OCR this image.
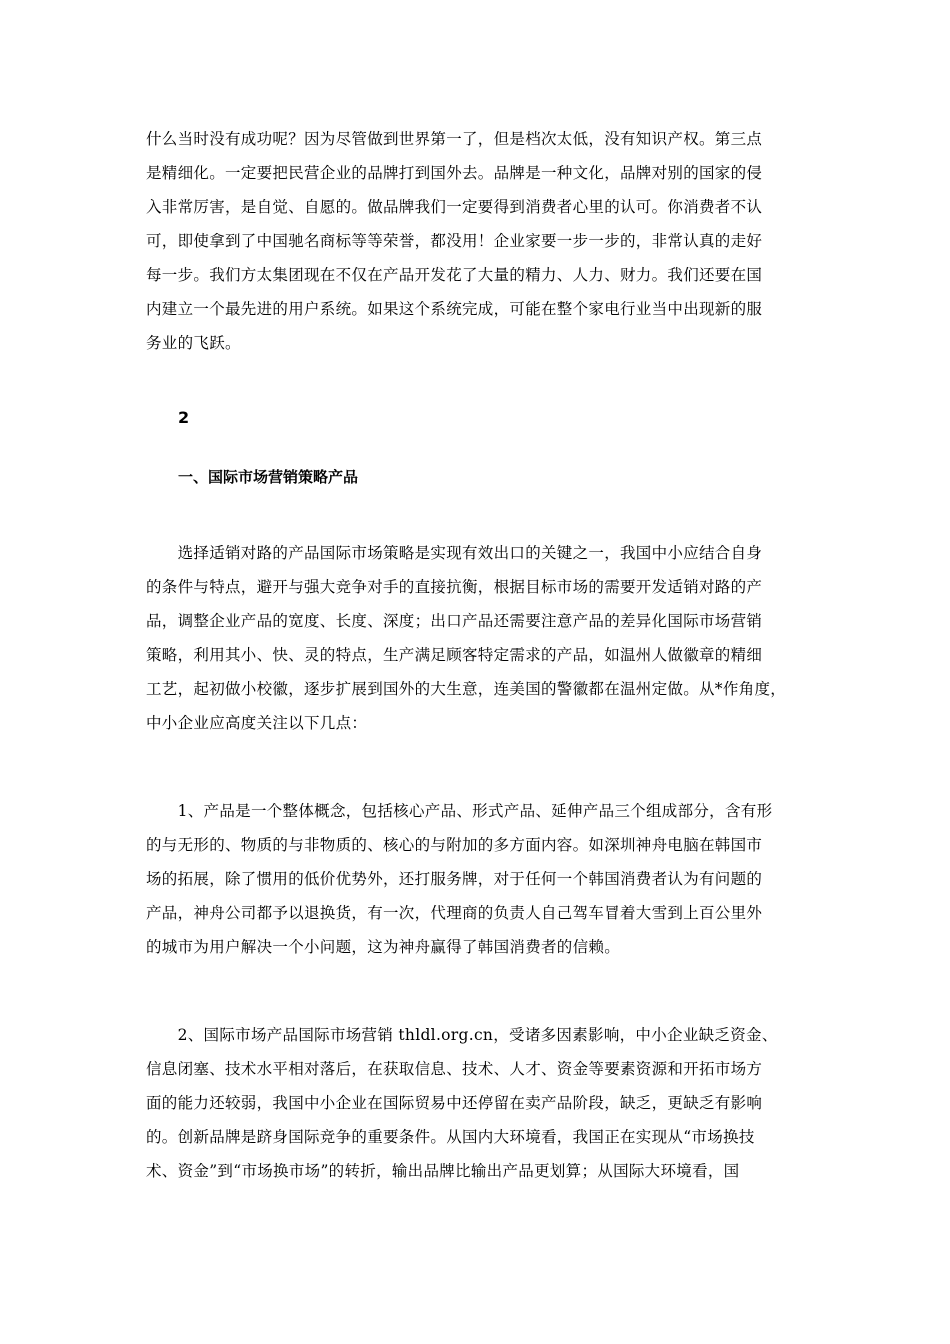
什么当时没有成功呢？因为尽管做到世界第一了，但是档次太低，没有知识产权。第三点
是精细化。一定要把民营企业的品牌打到国外去。品牌是一种文化，品牌对别的国家的侵
入非常厉害，是自觉、自愿的。做品牌我们一定要得到消费者心里的认可。你消费者不认
可，即使拿到了中国驰名商标等等荣誉，都没用！企业家要一步一步的，非常认真的走好
每一步。我们方太集团现在不仅在产品开发花了大量的精力、人力、财力。我们还要在国
内建立一个最先进的用户系统。如果这个系统完成，可能在整个家电行业当中出现新的服
务业的飞跃。
2
一、国际市场营销策略产品
　　选择适销对路的产品国际市场策略是实现有效出口的关键之一，我国中小应结合自身
的条件与特点，避开与强大竞争对手的直接抗衡，根据目标市场的需要开发适销对路的产
品，调整企业产品的宽度、长度、深度；出口产品还需要注意产品的差异化国际市场营销
策略，利用其小、快、灵的特点，生产满足顾客特定需求的产品，如温州人做徽章的精细
工艺，起初做小校徽，逐步扩展到国外的大生意，连美国的警徽都在温州定做。从*作角度，
中小企业应高度关注以下几点：
　　1、产品是一个整体概念，包括核心产品、形式产品、延伸产品三个组成部分，含有形
的与无形的、物质的与非物质的、核心的与附加的多方面内容。如深圳神舟电脑在韩国市
场的拓展，除了惯用的低价优势外，还打服务牌，对于任何一个韩国消费者认为有问题的
产品，神舟公司都予以退换货，有一次，代理商的负责人自己驾车冒着大雪到上百公里外
的城市为用户解决一个小问题，这为神舟赢得了韩国消费者的信赖。
　　2、国际市场产品国际市场营销 thldl.org.cn，受诸多因素影响，中小企业缺乏资金、
信息闭塞、技术水平相对落后，在获取信息、技术、人才、资金等要素资源和开拓市场方
面的能力还较弱，我国中小企业在国际贸易中还停留在卖产品阶段，缺乏，更缺乏有影响
的。创新品牌是跻身国际竞争的重要条件。从国内大环境看，我国正在实现从“市场换技
术、资金”到“市场换市场”的转折，输出品牌比输出产品更划算；从国际大环境看，国
